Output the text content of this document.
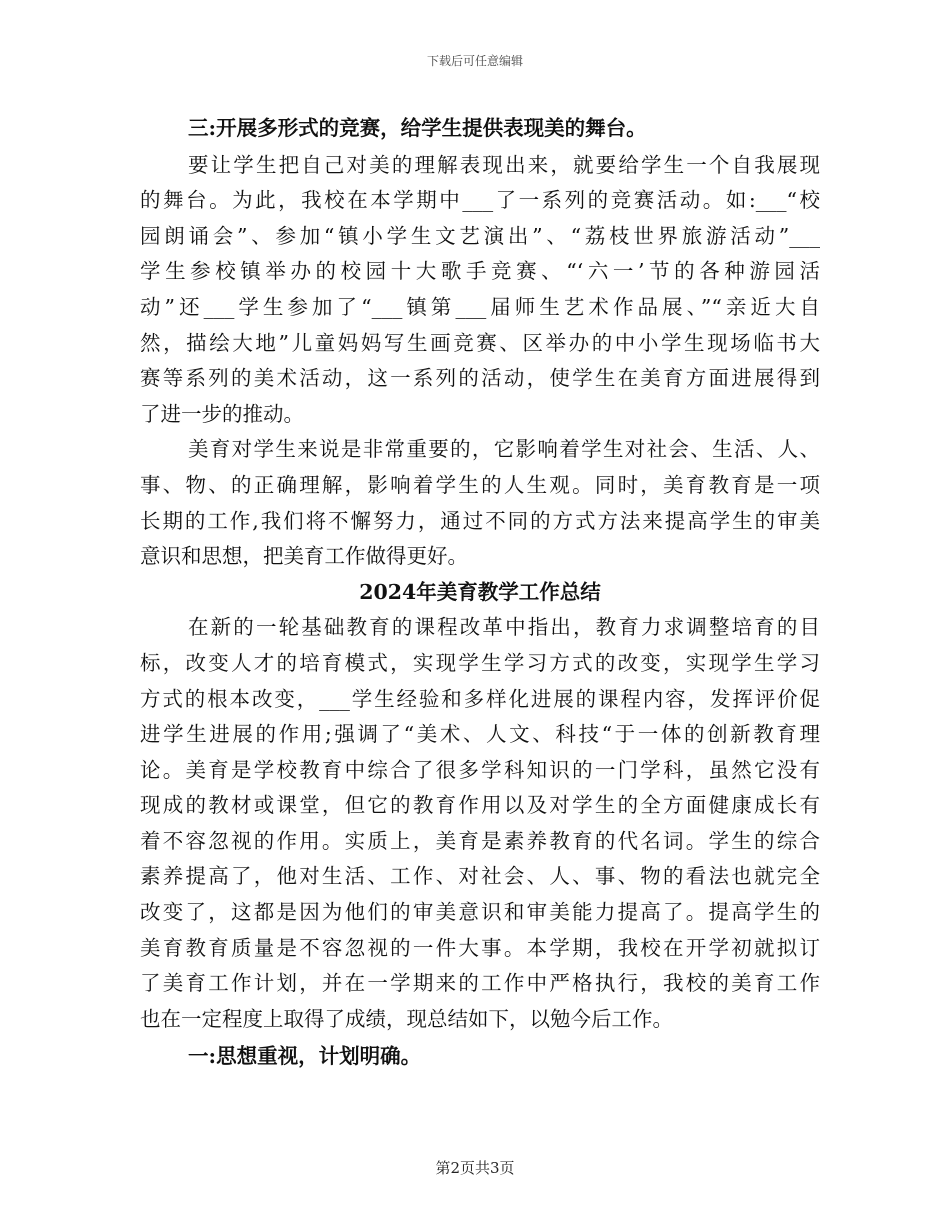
下载后可任意编辑

三:开展多形式的竞赛，给学生提供表现美的舞台。

要让学生把自己对美的理解表现出来，就要给学生一个自我展现

的舞台。为此，我校在本学期中___了一系列的竞赛活动。如:___“校

园朗诵会”、参加“镇小学生文艺演出”、“荔枝世界旅游活动”___

学生参校镇举办的校园十大歌手竞赛、“‘六一’节的各种游园活

动”还___学生参加了“___镇第___届师生艺术作品展、”“亲近大自

然，描绘大地”儿童妈妈写生画竞赛、区举办的中小学生现场临书大

赛等系列的美术活动，这一系列的活动，使学生在美育方面进展得到

了进一步的推动。

美育对学生来说是非常重要的，它影响着学生对社会、生活、人、

事、物、的正确理解，影响着学生的人生观。同时，美育教育是一项

长期的工作,我们将不懈努力，通过不同的方式方法来提高学生的审美

意识和思想，把美育工作做得更好。

2024年美育教学工作总结

在新的一轮基础教育的课程改革中指出，教育力求调整培育的目

标，改变人才的培育模式，实现学生学习方式的改变，实现学生学习

方式的根本改变，___学生经验和多样化进展的课程内容，发挥评价促

进学生进展的作用;强调了“美术、人文、科技“于一体的创新教育理

论。美育是学校教育中综合了很多学科知识的一门学科，虽然它没有

现成的教材或课堂，但它的教育作用以及对学生的全方面健康成长有

着不容忽视的作用。实质上，美育是素养教育的代名词。学生的综合

素养提高了，他对生活、工作、对社会、人、事、物的看法也就完全

改变了，这都是因为他们的审美意识和审美能力提高了。提高学生的

美育教育质量是不容忽视的一件大事。本学期，我校在开学初就拟订

了美育工作计划，并在一学期来的工作中严格执行，我校的美育工作

也在一定程度上取得了成绩，现总结如下，以勉今后工作。

一:思想重视，计划明确。

第2页共3页
